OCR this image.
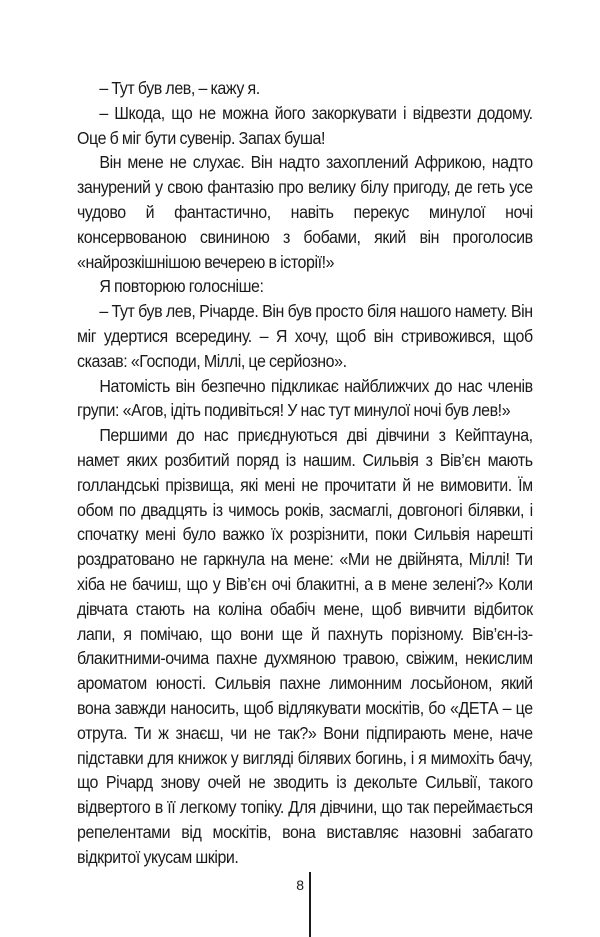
– Тут був лев, – кажу я.

– Шкода, що не можна його закоркувати і відвезти додому. Оце б міг бути сувенір. Запах буша!

Він мене не слухає. Він надто захоплений Африкою, надто занурений у свою фантазію про велику білу пригоду, де геть усе чудово й фантастично, навіть перекус минулої ночі консервованою свининою з бобами, який він проголосив «найрозкішнішою вечерею в історії!»

Я повторюю голосніше:

– Тут був лев, Річарде. Він був просто біля нашого намету. Він міг удертися всередину. – Я хочу, щоб він стривожився, щоб сказав: «Господи, Міллі, це серйозно».

Натомість він безпечно підкликає найближчих до нас членів групи: «Агов, ідіть подивіться! У нас тут минулої ночі був лев!»

Першими до нас приєднуються дві дівчини з Кейптауна, намет яких розбитий поряд із нашим. Сильвія з Вів’єн мають голландські прізвища, які мені не прочитати й не вимовити. Їм обом по двадцять із чимось років, засмаглі, довгоногі білявки, і спочатку мені було важко їх розрізнити, поки Сильвія нарешті роздратовано не гаркнула на мене: «Ми не двійнята, Міллі! Ти хіба не бачиш, що у Вів’єн очі блакитні, а в мене зелені?» Коли дівчата стають на коліна обабіч мене, щоб вивчити відбиток лапи, я помічаю, що вони ще й пахнуть порізному. Вів’єн-із-блакитними-очима пахне духмяною травою, свіжим, некислим ароматом юності. Сильвія пахне лимонним лосьйоном, який вона завжди наносить, щоб відлякувати москітів, бо «ДЕТА – це отрута. Ти ж знаєш, чи не так?» Вони підпирають мене, наче підставки для книжок у вигляді білявих богинь, і я мимохіть бачу, що Річард знову очей не зводить із декольте Сильвії, такого відвертого в її легкому топіку. Для дівчини, що так переймається репелентами від москітів, вона виставляє назовні забагато відкритої укусам шкіри.

8
